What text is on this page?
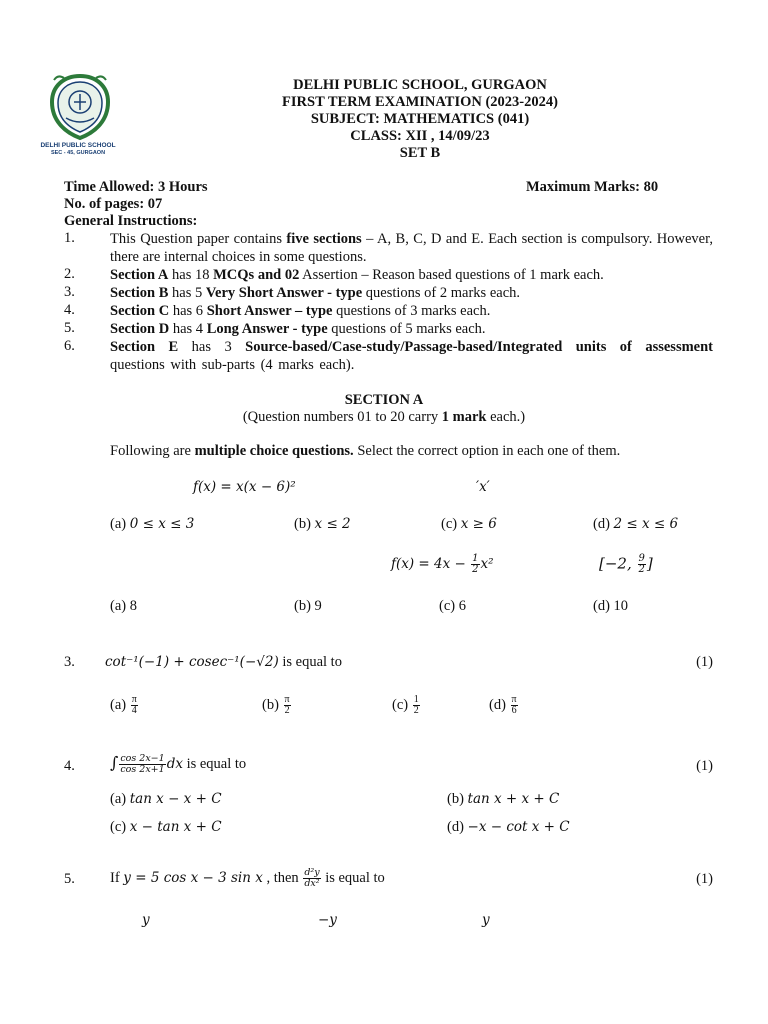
DELHI PUBLIC SCHOOL
SEC - 45, GURGAON
DELHI PUBLIC SCHOOL, GURGAON
FIRST TERM EXAMINATION (2023-2024)
SUBJECT: MATHEMATICS (041)
CLASS: XII , 14/09/23
SET B
Time Allowed: 3 Hours	Maximum Marks: 80
No. of pages: 07
General Instructions:
1. This Question paper contains five sections – A, B, C, D and E. Each section is compulsory. However, there are internal choices in some questions.
2. Section A has 18 MCQs and 02 Assertion – Reason based questions of 1 mark each.
3. Section B has 5 Very Short Answer - type questions of 2 marks each.
4. Section C has 6 Short Answer – type questions of 3 marks each.
5. Section D has 4 Long Answer - type questions of 5 marks each.
6. Section E has 3 Source-based/Case-study/Passage-based/Integrated units of assessment questions with sub-parts (4 marks each).
SECTION A
(Question numbers 01 to 20 carry 1 mark each.)
Following are multiple choice questions. Select the correct option in each one of them.
f(x) = x(x − 6)²	′x′
(a) 0 ≤ x ≤ 3	(b) x ≤ 2	(c) x ≥ 6	(d) 2 ≤ x ≤ 6
$f(x) = 4x - \frac{1}{2} x^2$	[−2, $\frac{9}{2}$ ]
(a) 8	(b) 9	(c) 6	(d) 10
3. cot⁻¹(−1) + cosec⁻¹(−√2) is equal to	(1)
$(a) \frac{\pi}{4}$	$(b) \frac{\pi}{2}$	$(c) \frac{1}{2}$	$(d) \frac{\pi}{6}$
4. ∫ $\frac{\cos 2x-1}{\cos 2x+1}$ dx is equal to	(1)
(a) tan x − x + C	(b) tan x + x + C
(c) x − tan x + C	(d) −x − cot x + C
5. If y = 5 cos x − 3 sin x , then $\frac{\text{d²y}}{\text{dx²}}$ is equal to	(1)
y	−y	y
